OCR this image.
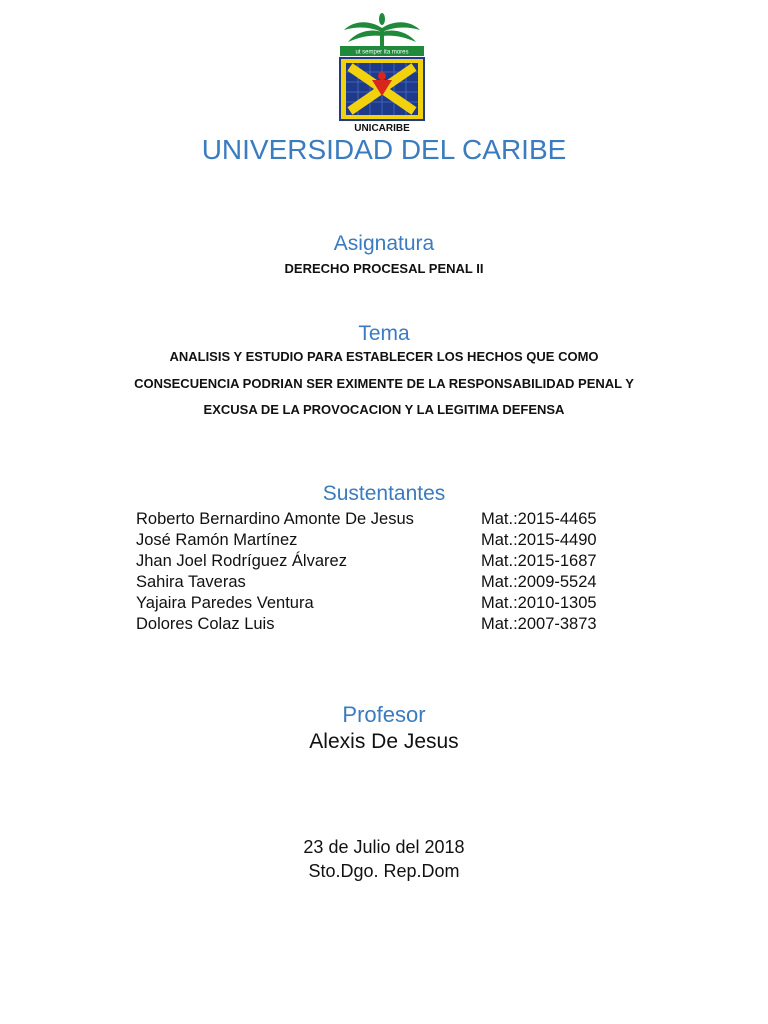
ut semper ita mores
UNICARIBE
UNIVERSIDAD DEL CARIBE
Asignatura
DERECHO PROCESAL PENAL II
Tema
ANALISIS Y ESTUDIO PARA ESTABLECER LOS HECHOS QUE COMO
CONSECUENCIA PODRIAN SER EXIMENTE DE LA RESPONSABILIDAD PENAL Y
EXCUSA DE LA PROVOCACION Y LA LEGITIMA DEFENSA
Sustentantes
Roberto Bernardino Amonte De Jesus	Mat.:2015-4465
José Ramón Martínez	Mat.:2015-4490
Jhan Joel Rodríguez Álvarez	Mat.:2015-1687
Sahira Taveras	Mat.:2009-5524
Yajaira Paredes Ventura	Mat.:2010-1305
Dolores Colaz Luis	Mat.:2007-3873
Profesor
Alexis De Jesus
23 de Julio del 2018
Sto.Dgo. Rep.Dom
